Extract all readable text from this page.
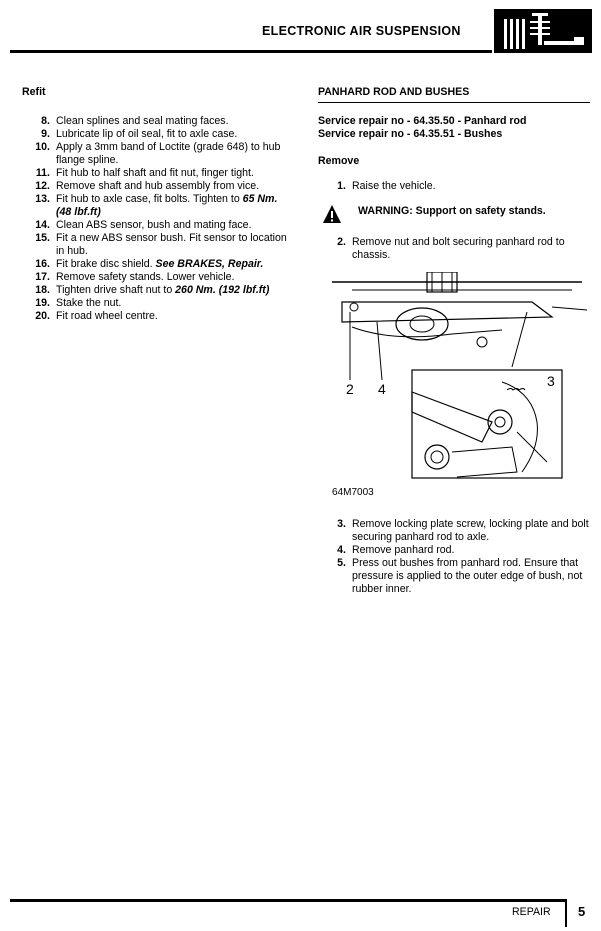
ELECTRONIC AIR SUSPENSION
Refit
8. Clean splines and seal mating faces.
9. Lubricate lip of oil seal, fit to axle case.
10. Apply a 3mm band of Loctite (grade 648) to hub flange spline.
11. Fit hub to half shaft and fit nut, finger tight.
12. Remove shaft and hub assembly from vice.
13. Fit hub to axle case, fit bolts. Tighten to 65 Nm. (48 lbf.ft)
14. Clean ABS sensor, bush and mating face.
15. Fit a new ABS sensor bush. Fit sensor to location in hub.
16. Fit brake disc shield. See BRAKES, Repair.
17. Remove safety stands. Lower vehicle.
18. Tighten drive shaft nut to 260 Nm. (192 lbf.ft)
19. Stake the nut.
20. Fit road wheel centre.
PANHARD ROD AND BUSHES
Service repair no - 64.35.50 - Panhard rod
Service repair no - 64.35.51 - Bushes
Remove
1. Raise the vehicle.
WARNING: Support on safety stands.
2. Remove nut and bolt securing panhard rod to chassis.
2 4	3
64M7003
3. Remove locking plate screw, locking plate and bolt securing panhard rod to axle.
4. Remove panhard rod.
5. Press out bushes from panhard rod. Ensure that pressure is applied to the outer edge of bush, not rubber inner.
REPAIR 5
